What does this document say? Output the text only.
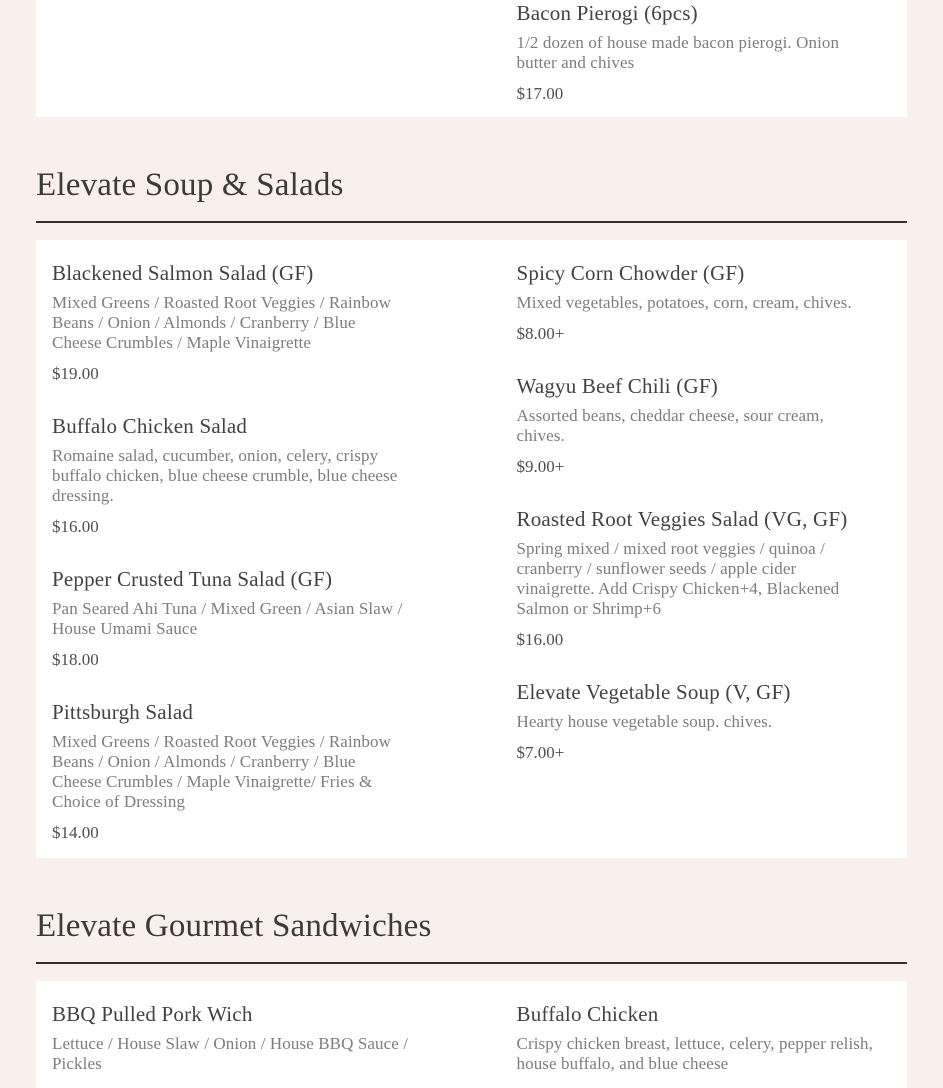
Bacon Pierogi (6pcs)

1/2 dozen of house made bacon pierogi. Onion butter and chives

$17.00
Elevate Soup & Salads
Blackened Salmon Salad (GF)

Mixed Greens / Roasted Root Veggies / Rainbow Beans / Onion / Almonds / Cranberry / Blue Cheese Crumbles / Maple Vinaigrette

$19.00
Buffalo Chicken Salad

Romaine salad, cucumber, onion, celery, crispy buffalo chicken, blue cheese crumble, blue cheese dressing.

$16.00
Pepper Crusted Tuna Salad (GF)

Pan Seared Ahi Tuna / Mixed Green / Asian Slaw / House Umami Sauce

$18.00
Pittsburgh Salad

Mixed Greens / Roasted Root Veggies / Rainbow Beans / Onion / Almonds / Cranberry / Blue Cheese Crumbles / Maple Vinaigrette/ Fries & Choice of Dressing

$14.00
Spicy Corn Chowder (GF)

Mixed vegetables, potatoes, corn, cream, chives.

$8.00+
Wagyu Beef Chili (GF)

Assorted beans, cheddar cheese, sour cream, chives.

$9.00+
Roasted Root Veggies Salad (VG, GF)

Spring mixed / mixed root veggies / quinoa / cranberry / sunflower seeds / apple cider vinaigrette. Add Crispy Chicken+4, Blackened Salmon or Shrimp+6

$16.00
Elevate Vegetable Soup (V, GF)

Hearty house vegetable soup. chives.

$7.00+
Elevate Gourmet Sandwiches
BBQ Pulled Pork Wich

Lettuce / House Slaw / Onion / House BBQ Sauce / Pickles

Buffalo Chicken

Crispy chicken breast, lettuce, celery, pepper relish, house buffalo, and blue cheese
